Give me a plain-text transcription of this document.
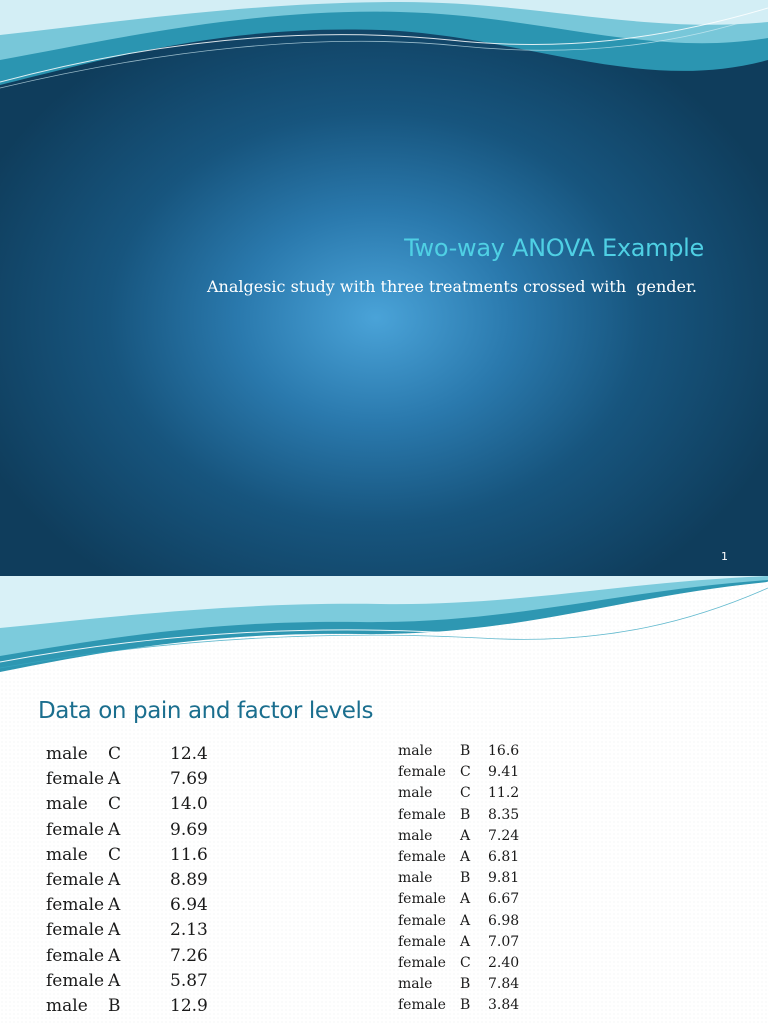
Two-way ANOVA Example
Analgesic study with three treatments crossed with  gender.
1
Data on pain and factor levels
male C	12.4
female A	7.69
male C	14.0
female A	9.69
male C	11.6
female A	8.89
female A	6.94
female A	2.13
female A	7.26
female A	5.87
male B	12.9
male B 16.6
female C 9.41
male C 11.2
female B 8.35
male A 7.24
female A 6.81
male B 9.81
female A 6.67
female A 6.98
female A 7.07
female C 2.40
male B 7.84
female B 3.84
